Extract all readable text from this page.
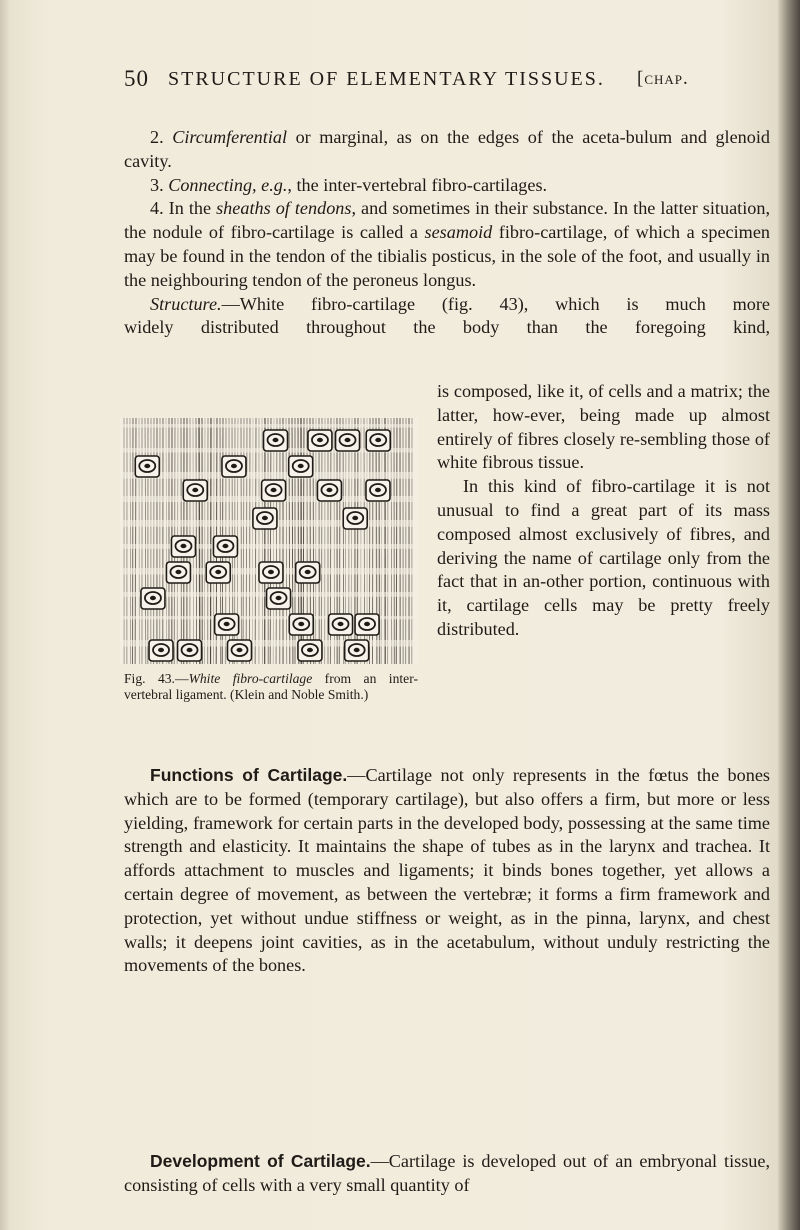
50 STRUCTURE OF ELEMENTARY TISSUES. [chap.

2. Circumferential or marginal, as on the edges of the aceta-bulum and glenoid cavity.

3. Connecting, e.g., the inter-vertebral fibro-cartilages.

4. In the sheaths of tendons, and sometimes in their substance. In the latter situation, the nodule of fibro-cartilage is called a sesamoid fibro-cartilage, of which a specimen may be found in the tendon of the tibialis posticus, in the sole of the foot, and usually in the neighbouring tendon of the peroneus longus.

Structure.—White fibro-cartilage (fig. 43), which is much more

widely distributed throughout the body than the foregoing kind,

is composed, like it, of cells and a matrix; the latter, how-ever, being made up almost entirely of fibres closely re-sembling those of white fibrous tissue.

In this kind of fibro-cartilage it is not unusual to find a great part of its mass composed almost exclusively of fibres, and deriving the name of cartilage only from the fact that in an-other portion, continuous with it, cartilage cells may be pretty freely distributed.

Fig. 43.—White fibro-cartilage from an inter-vertebral ligament. (Klein and Noble Smith.)

Functions of Cartilage.—Cartilage not only represents in the fœtus the bones which are to be formed (temporary cartilage), but also offers a firm, but more or less yielding, framework for certain parts in the developed body, possessing at the same time strength and elasticity. It maintains the shape of tubes as in the larynx and trachea. It affords attachment to muscles and ligaments; it binds bones together, yet allows a certain degree of movement, as between the vertebræ; it forms a firm framework and protection, yet without undue stiffness or weight, as in the pinna, larynx, and chest walls; it deepens joint cavities, as in the acetabulum, without unduly restricting the movements of the bones.

Development of Cartilage.—Cartilage is developed out of an embryonal tissue, consisting of cells with a very small quantity of
